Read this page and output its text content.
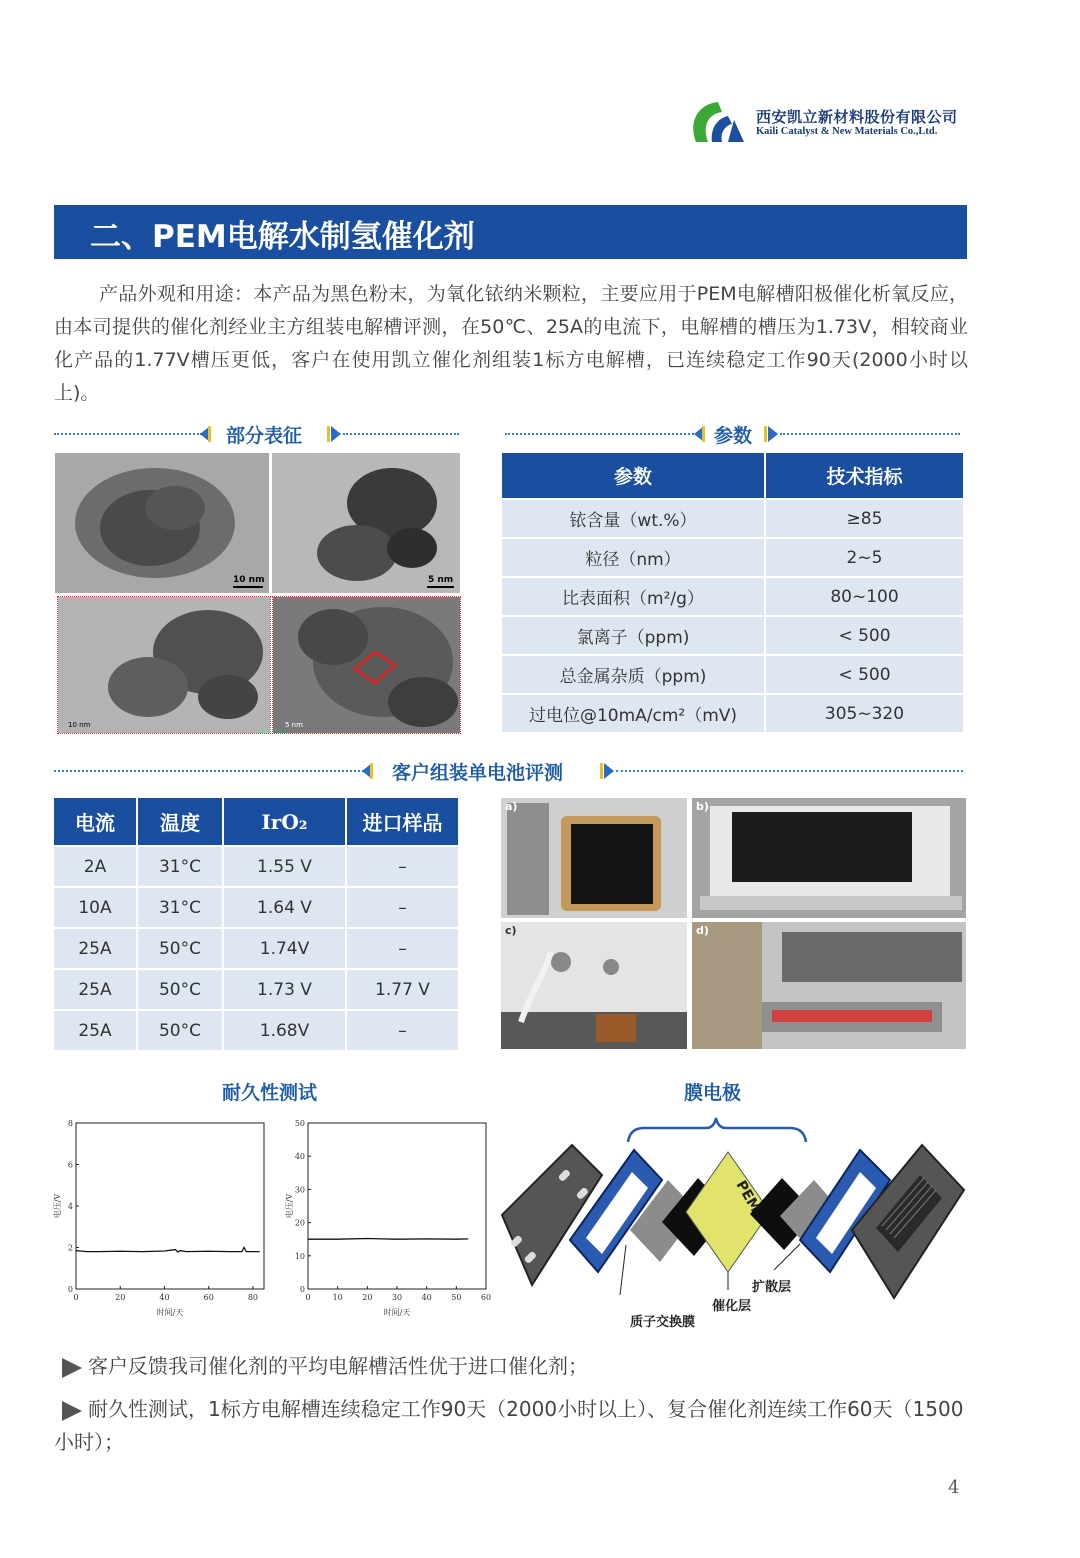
西安凯立新材料股份有限公司
Kaili Catalyst & New Materials Co.,Ltd.
二、PEM电解水制氢催化剂
产品外观和用途：本产品为黑色粉末，为氧化铱纳米颗粒，主要应用于PEM电解槽阳极催化析氧反应，由本司提供的催化剂经业主方组装电解槽评测，在50℃、25A的电流下，电解槽的槽压为1.73V，相较商业化产品的1.77V槽压更低，客户在使用凯立催化剂组装1标方电解槽，已连续稳定工作90天(2000小时以上)。
部分表征	参数
10 nm	5 nm
10 nm	5 nm
参数	技术指标
铱含量（wt.%）	≥85
粒径（nm）	2~5
比表面积（m²/g）	80~100
氯离子（ppm)	< 500
总金属杂质（ppm)	< 500
过电位@10mA/cm²（mV)	305~320
客户组装单电池评测
电流	温度	IrO₂	进口样品
2A	31°C	1.55 V	–
10A	31°C	1.64 V	–
25A	50°C	1.74V	–
25A	50°C	1.73 V	1.77 V
25A	50°C	1.68V	–
a)	b)
c)	d)
耐久性测试	膜电极
0	20	40	60	80
0
2
4
6
8
时间/天
电压/V
0	10 20 30 40 50 60
0
10
20
30
40
50
时间/天
电压/V	PEM
扩散层
催化层
质子交换膜
客户反馈我司催化剂的平均电解槽活性优于进口催化剂；
耐久性测试，1标方电解槽连续稳定工作90天（2000小时以上）、复合催化剂连续工作60天（1500小时）；
4
